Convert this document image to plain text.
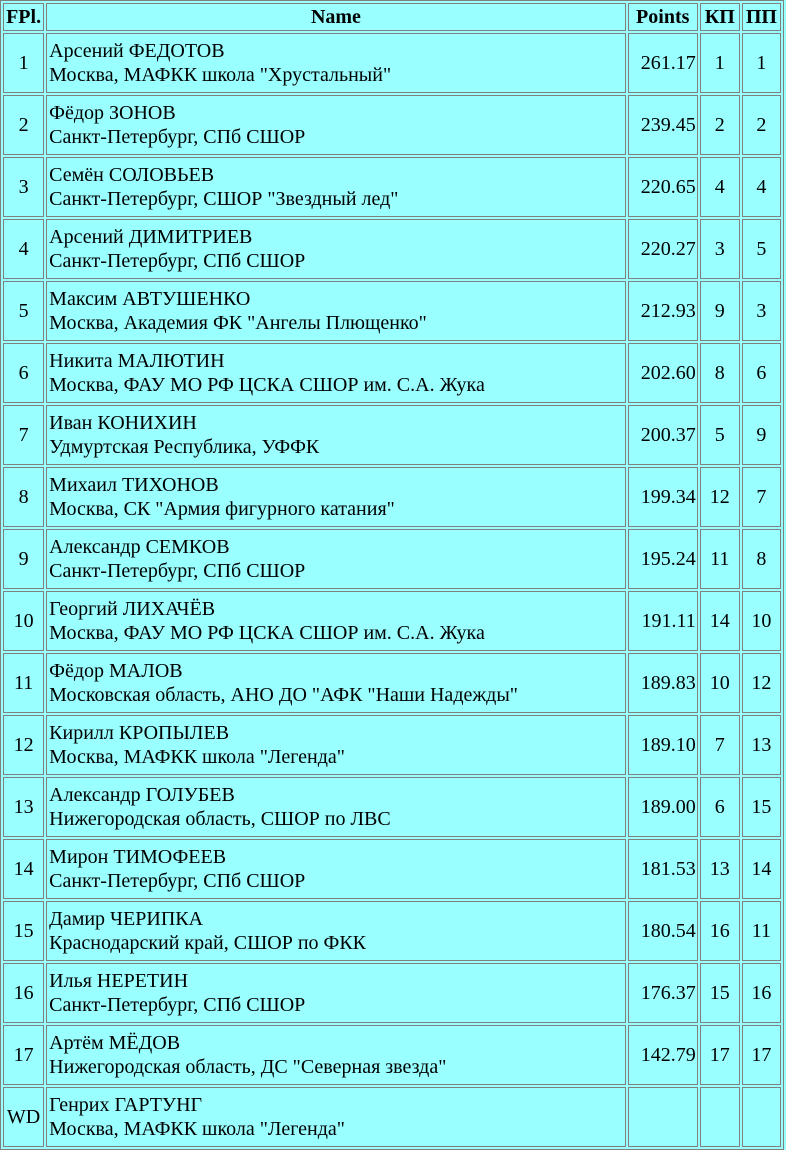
FPl.	Name	Points	КП	ПП
1	Арсений ФЕДОТОВ
Москва, МАФКК школа "Хрустальный"	261.17	1	1
2	Фёдор ЗОНОВ
Санкт-Петербург, СПб СШОР	239.45	2	2
3	Семён СОЛОВЬЕВ
Санкт-Петербург, СШОР "Звездный лед"	220.65	4	4
4	Арсений ДИМИТРИЕВ
Санкт-Петербург, СПб СШОР	220.27	3	5
5	Максим АВТУШЕНКО
Москва, Академия ФК "Ангелы Плющенко"	212.93	9	3
6	Никита МАЛЮТИН
Москва, ФАУ МО РФ ЦСКА СШОР им. С.А. Жука	202.60	8	6
7	Иван КОНИХИН
Удмуртская Республика, УФФК	200.37	5	9
8	Михаил ТИХОНОВ
Москва, СК "Армия фигурного катания"	199.34	12	7
9	Александр СЕМКОВ
Санкт-Петербург, СПб СШОР	195.24	11	8
10	Георгий ЛИХАЧЁВ
Москва, ФАУ МО РФ ЦСКА СШОР им. С.А. Жука	191.11	14	10
11	Фёдор МАЛОВ
Московская область, АНО ДО "АФК "Наши Надежды"	189.83	10	12
12	Кирилл КРОПЫЛЕВ
Москва, МАФКК школа "Легенда"	189.10	7	13
13	Александр ГОЛУБЕВ
Нижегородская область, СШОР по ЛВС	189.00	6	15
14	Мирон ТИМОФЕЕВ
Санкт-Петербург, СПб СШОР	181.53	13	14
15	Дамир ЧЕРИПКА
Краснодарский край, СШОР по ФКК	180.54	16	11
16	Илья НЕРЕТИН
Санкт-Петербург, СПб СШОР	176.37	15	16
17	Артём МЁДОВ
Нижегородская область, ДС "Северная звезда"	142.79	17	17
WD	Генрих ГАРТУНГ
Москва, МАФКК школа "Легенда"			
